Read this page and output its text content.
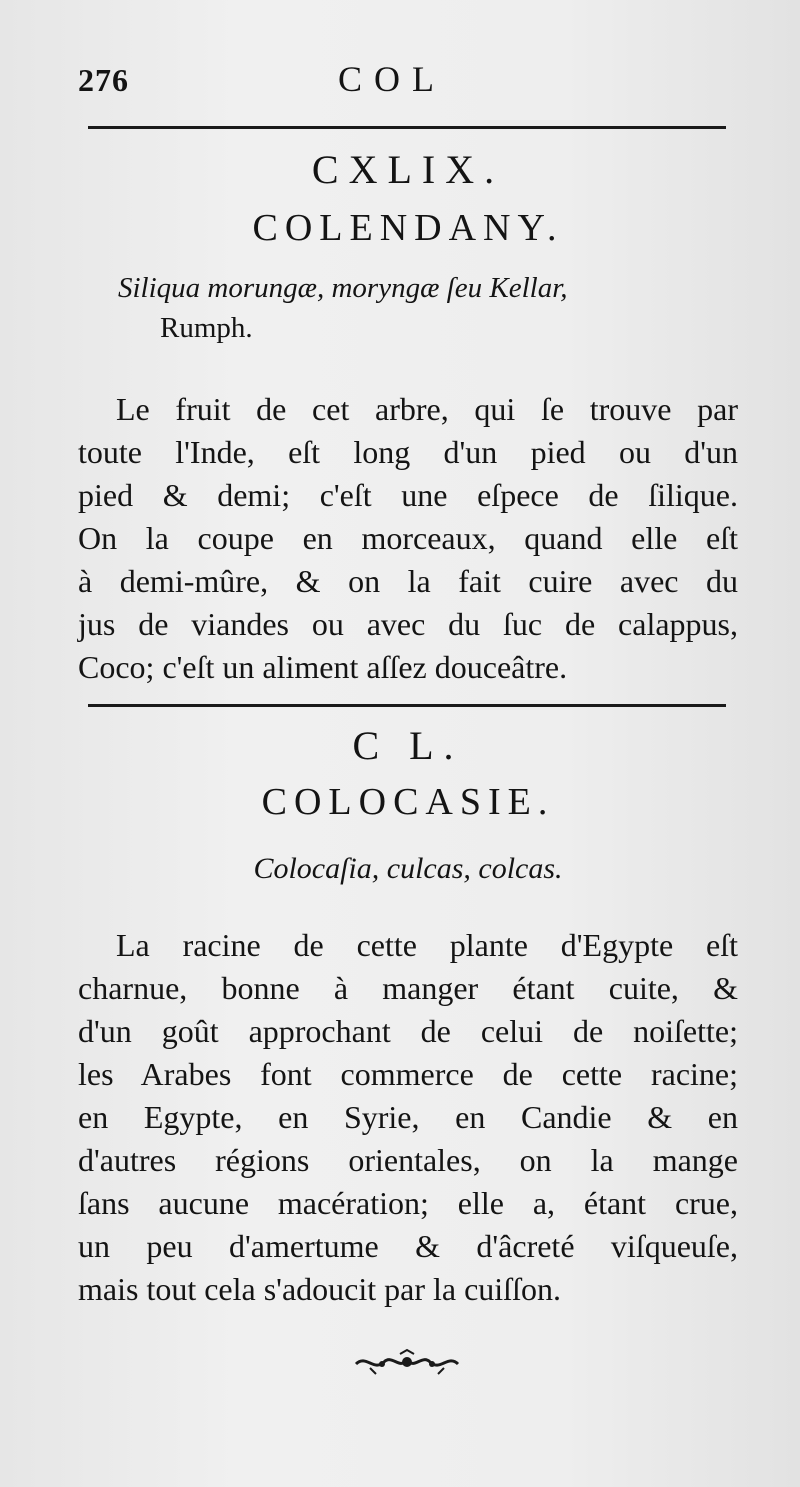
276	COL
CXLIX.
COLENDANY.
Siliqua morungæ, moryngæ ſeu Kellar,
Rumph.
Le fruit de cet arbre, qui ſe trouve par
toute l'Inde, eſt long d'un pied ou d'un
pied & demi; c'eſt une eſpece de ſilique.
On la coupe en morceaux, quand elle eſt
à demi-mûre, & on la fait cuire avec du
jus de viandes ou avec du ſuc de calappus,
Coco; c'eſt un aliment aſſez douceâtre.
C L.
COLOCASIE.
Colocaſia, culcas, colcas.
La racine de cette plante d'Egypte eſt
charnue, bonne à manger étant cuite, &
d'un goût approchant de celui de noiſette;
les Arabes font commerce de cette racine;
en Egypte, en Syrie, en Candie & en
d'autres régions orientales, on la mange
ſans aucune macération; elle a, étant crue,
un peu d'amertume & d'âcreté viſqueuſe,
mais tout cela s'adoucit par la cuiſſon.
